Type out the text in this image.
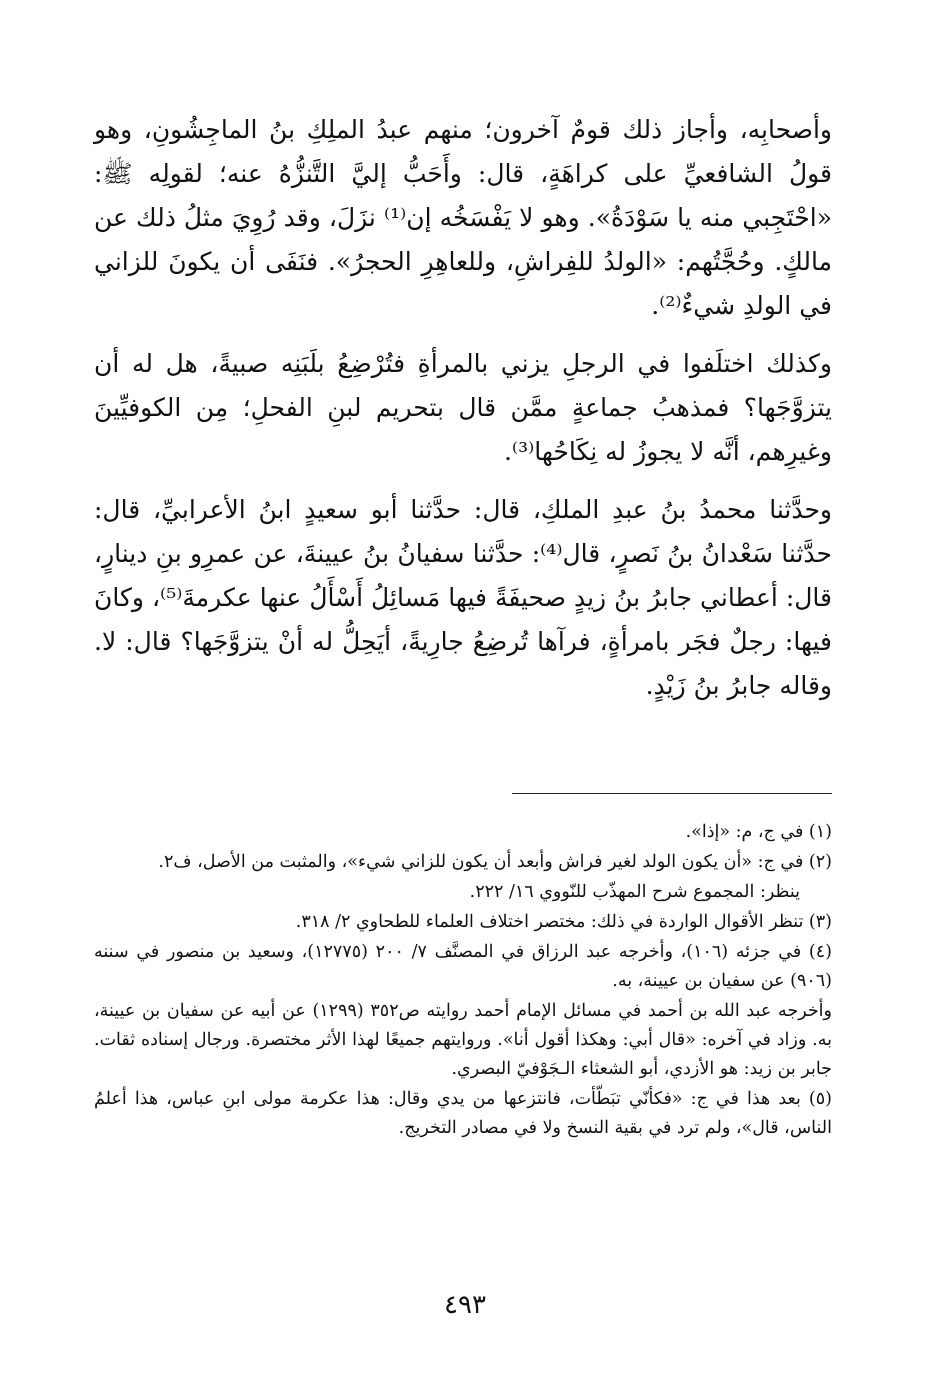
وأصحابِه، وأجاز ذلك قومٌ آخرون؛ منهم عبدُ الملِكِ بنُ الماجِشُونِ، وهو قولُ الشافعيِّ على كراهَةٍ، قال: وأَحَبُّ إليَّ التَّنزُّهُ عنه؛ لقولِه ﷺ: «احْتَجِبي منه يا سَوْدَةُ». وهو لا يَفْسَخُه إن⁽¹⁾ نزَلَ، وقد رُوِيَ مثلُ ذلك عن مالكٍ. وحُجَّتُهم: «الولدُ للفِراشِ، وللعاهِرِ الحجرُ». فنَفَى أن يكونَ للزاني في الولدِ شيءٌ⁽²⁾.

وكذلك اختلَفوا في الرجلِ يزني بالمرأةِ فتُرْضِعُ بلَبَنِه صبيةً، هل له أن يتزوَّجَها؟ فمذهبُ جماعةٍ ممَّن قال بتحريم لبنِ الفحلِ؛ مِن الكوفيِّينَ وغيرِهم، أنَّه لا يجوزُ له نِكَاحُها⁽³⁾.

وحدَّثنا محمدُ بنُ عبدِ الملكِ، قال: حدَّثنا أبو سعيدٍ ابنُ الأعرابيِّ، قال: حدَّثنا سَعْدانُ بنُ نَصرٍ، قال⁽⁴⁾: حدَّثنا سفيانُ بنُ عيينةَ، عن عمرِو بنِ دينارٍ، قال: أعطاني جابرُ بنُ زيدٍ صحيفَةً فيها مَسائِلُ أَسْأَلُ عنها عكرمةَ⁽⁵⁾، وكانَ فيها: رجلٌ فجَر بامرأةٍ، فرآها تُرضِعُ جارِيةً، أيَحِلُّ له أنْ يتزوَّجَها؟ قال: لا. وقاله جابرُ بنُ زَيْدٍ.

(١) في ج، م: «إذا».

(٢) في ج: «أن يكون الولد لغير فراش وأبعد أن يكون للزاني شيء»، والمثبت من الأصل، ف٢.

ينظر: المجموع شرح المهذّب للنّووي ١٦/ ٢٢٢.

(٣) تنظر الأقوال الواردة في ذلك: مختصر اختلاف العلماء للطحاوي ٢/ ٣١٨.

(٤) في جزئه (١٠٦)، وأخرجه عبد الرزاق في المصنَّف ٧/ ٢٠٠ (١٢٧٧٥)، وسعيد بن منصور في سننه (٩٠٦) عن سفيان بن عيينة، به.

وأخرجه عبد الله بن أحمد في مسائل الإمام أحمد روايته ص٣٥٢ (١٢٩٩) عن أبيه عن سفيان بن عيينة، به. وزاد في آخره: «قال أبي: وهكذا أقول أنا». وروايتهم جميعًا لهذا الأثر مختصرة. ورجال إسناده ثقات. جابر بن زيد: هو الأزدي، أبو الشعثاء الـجَوْفيّ البصري.

(٥) بعد هذا في ج: «فكأنّي تبَطّأت، فانتزعها من يدي وقال: هذا عكرمة مولى ابنِ عباس، هذا أعلمُ الناس، قال»، ولم ترد في بقية النسخ ولا في مصادر التخريج.

٤٩٣
